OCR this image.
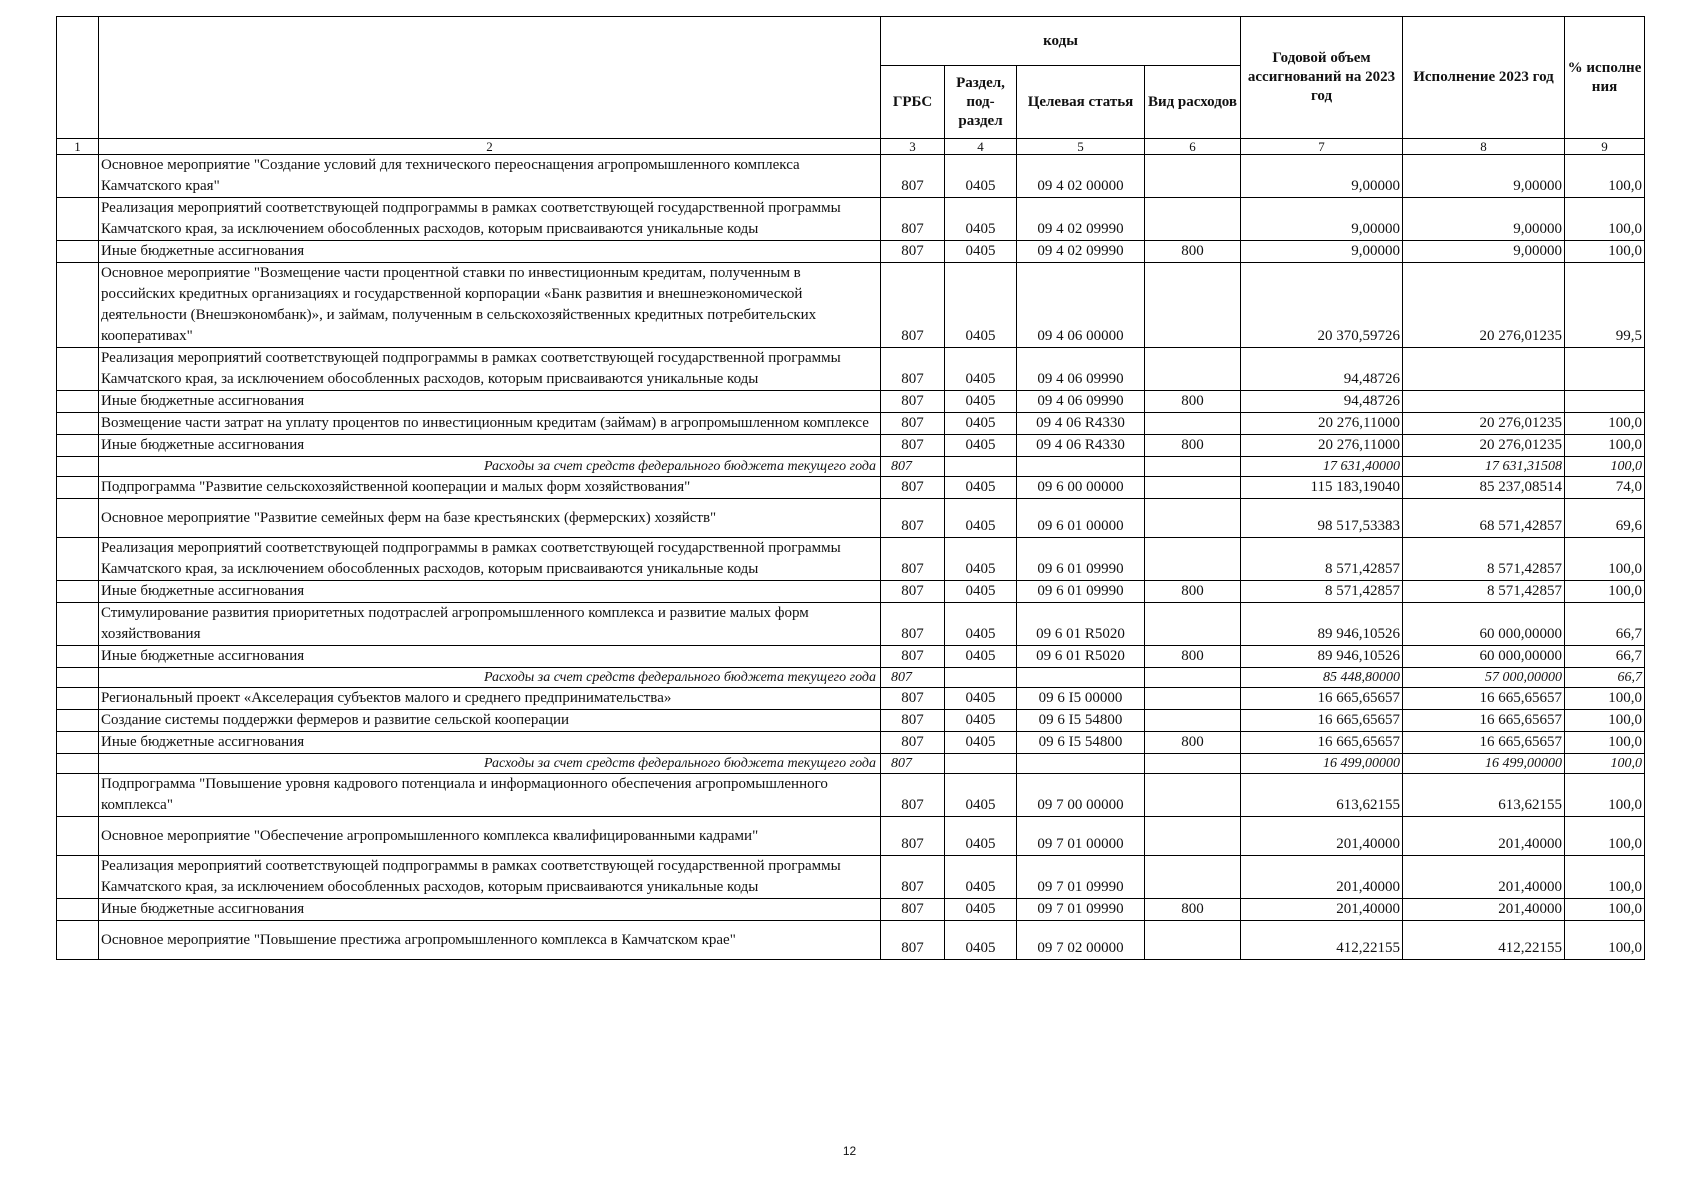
		коды				Годовой объем ассигнований на 2023 год	Исполнение 2023 год	% исполне ния
		ГРБС	Раздел, под-раздел	Целевая статья	Вид расходов			
1	2	3	4	5	6	7	8	9
	Основное мероприятие "Создание условий для технического переоснащения агропромышленного комплекса Камчатского края"	807	0405	09 4 02 00000		9,00000	9,00000	100,0
	Реализация мероприятий соответствующей подпрограммы в рамках соответствующей государственной программы Камчатского края, за исключением обособленных расходов, которым присваиваются уникальные коды	807	0405	09 4 02 09990		9,00000	9,00000	100,0
	Иные бюджетные ассигнования	807	0405	09 4 02 09990	800	9,00000	9,00000	100,0
	Основное мероприятие "Возмещение части процентной ставки по инвестиционным кредитам, полученным в российских кредитных организациях и государственной корпорации «Банк развития и внешнеэкономической деятельности (Внешэкономбанк)», и займам, полученным в сельскохозяйственных кредитных потребительских кооперативах"	807	0405	09 4 06 00000		20 370,59726	20 276,01235	99,5
	Реализация мероприятий соответствующей подпрограммы в рамках соответствующей государственной программы Камчатского края, за исключением обособленных расходов, которым присваиваются уникальные коды	807	0405	09 4 06 09990		94,48726		
	Иные бюджетные ассигнования	807	0405	09 4 06 09990	800	94,48726		
	Возмещение части затрат на уплату процентов по инвестиционным кредитам (займам) в агропромышленном комплексе	807	0405	09 4 06 R4330		20 276,11000	20 276,01235	100,0
	Иные бюджетные ассигнования	807	0405	09 4 06 R4330	800	20 276,11000	20 276,01235	100,0
	Расходы за счет средств федерального бюджета текущего года	807				17 631,40000	17 631,31508	100,0
	Подпрограмма "Развитие сельскохозяйственной кооперации и малых форм хозяйствования"	807	0405	09 6 00 00000		115 183,19040	85 237,08514	74,0
	Основное мероприятие "Развитие семейных ферм на базе крестьянских (фермерских) хозяйств"	807	0405	09 6 01 00000		98 517,53383	68 571,42857	69,6
	Реализация мероприятий соответствующей подпрограммы в рамках соответствующей государственной программы Камчатского края, за исключением обособленных расходов, которым присваиваются уникальные коды	807	0405	09 6 01 09990		8 571,42857	8 571,42857	100,0
	Иные бюджетные ассигнования	807	0405	09 6 01 09990	800	8 571,42857	8 571,42857	100,0
	Стимулирование развития приоритетных подотраслей агропромышленного комплекса и развитие малых форм хозяйствования	807	0405	09 6 01 R5020		89 946,10526	60 000,00000	66,7
	Иные бюджетные ассигнования	807	0405	09 6 01 R5020	800	89 946,10526	60 000,00000	66,7
	Расходы за счет средств федерального бюджета текущего года	807				85 448,80000	57 000,00000	66,7
	Региональный проект «Акселерация субъектов малого и среднего предпринимательства»	807	0405	09 6 I5 00000		16 665,65657	16 665,65657	100,0
	Создание системы поддержки фермеров и развитие сельской кооперации	807	0405	09 6 I5 54800		16 665,65657	16 665,65657	100,0
	Иные бюджетные ассигнования	807	0405	09 6 I5 54800	800	16 665,65657	16 665,65657	100,0
	Расходы за счет средств федерального бюджета текущего года	807				16 499,00000	16 499,00000	100,0
	Подпрограмма "Повышение уровня кадрового потенциала и информационного обеспечения агропромышленного комплекса"	807	0405	09 7 00 00000		613,62155	613,62155	100,0
	Основное мероприятие "Обеспечение агропромышленного комплекса квалифицированными кадрами"	807	0405	09 7 01 00000		201,40000	201,40000	100,0
	Реализация мероприятий соответствующей подпрограммы в рамках соответствующей государственной программы Камчатского края, за исключением обособленных расходов, которым присваиваются уникальные коды	807	0405	09 7 01 09990		201,40000	201,40000	100,0
	Иные бюджетные ассигнования	807	0405	09 7 01 09990	800	201,40000	201,40000	100,0
	Основное мероприятие "Повышение престижа агропромышленного комплекса в Камчатском крае"	807	0405	09 7 02 00000		412,22155	412,22155	100,0
12
